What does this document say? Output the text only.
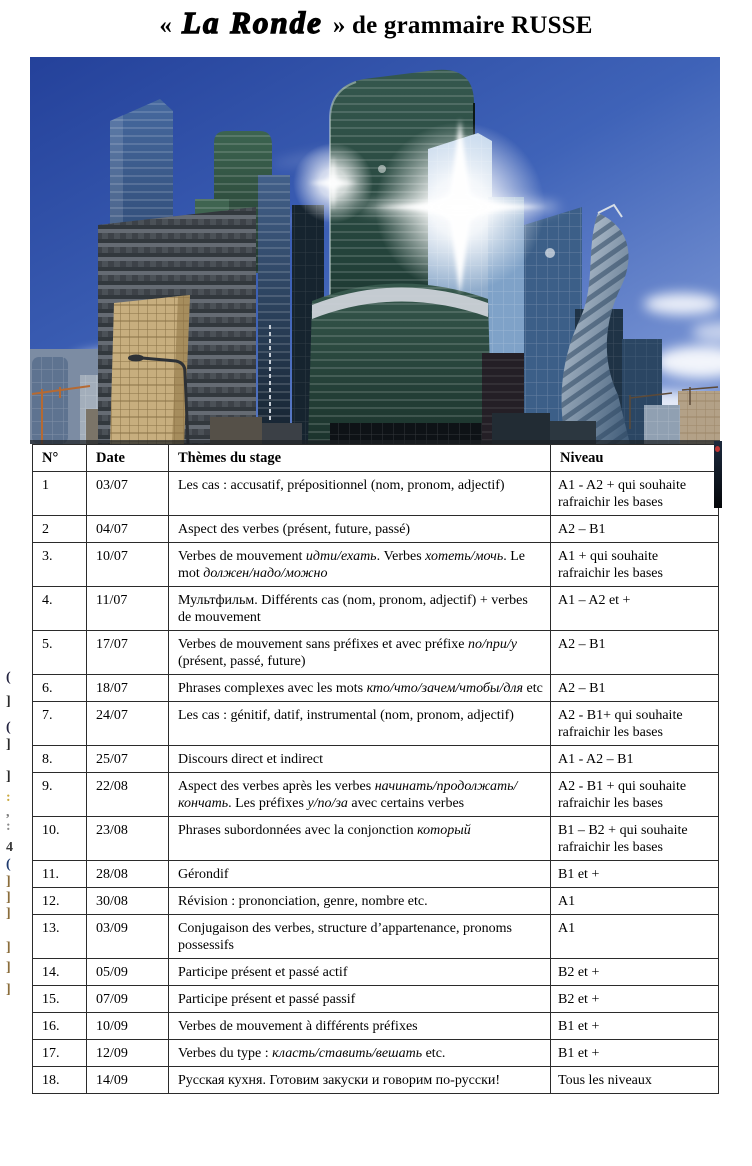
« La Ronde » de grammaire RUSSE
N°	Date	Thèmes du stage	Niveau
1	03/07	Les cas : accusatif, prépositionnel (nom, pronom, adjectif)	A1 - A2 + qui souhaite rafraichir les bases
2	04/07	Aspect des verbes (présent, future, passé)	A2 – B1
3.	10/07	Verbes de mouvement идти/ехать. Verbes хотеть/мочь. Le mot должен/надо/можно	A1 + qui souhaite rafraichir les bases
4.	11/07	Мультфильм. Différents cas (nom, pronom, adjectif) + verbes de mouvement	A1 – A2 et +
5.	17/07	Verbes de mouvement sans préfixes et avec préfixe по/при/у (présent, passé, future)	A2 – B1
6.	18/07	Phrases complexes avec les mots кто/что/зачем/чтобы/для etc	A2 – B1
7.	24/07	Les cas : génitif, datif, instrumental (nom, pronom, adjectif)	A2 - B1+ qui souhaite rafraichir les bases
8.	25/07	Discours direct et indirect	A1 - A2 – B1
9.	22/08	Aspect des verbes après les verbes начинать/продолжать/кончать. Les préfixes у/по/за avec certains verbes	A2 - B1 + qui souhaite rafraichir les bases
10.	23/08	Phrases subordonnées avec la conjonction который	B1 – B2 + qui souhaite rafraichir les bases
11.	28/08	Gérondif	B1 et +
12.	30/08	Révision : prononciation, genre, nombre etc.	A1
13.	03/09	Conjugaison des verbes, structure d’appartenance, pronoms possessifs	A1
14.	05/09	Participe présent et passé actif	B2 et +
15.	07/09	Participe présent et passé passif	B2 et +
16.	10/09	Verbes de mouvement à différents préfixes	B1 et +
17.	12/09	Verbes du type : класть/ставить/вешать etc.	B1 et +
18.	14/09	Русская кухня. Готовим закуски и говорим по-русски!	Tous les niveaux
(
]
(
]
]
:
,
:
4
(
]
]
]
]
]
]
